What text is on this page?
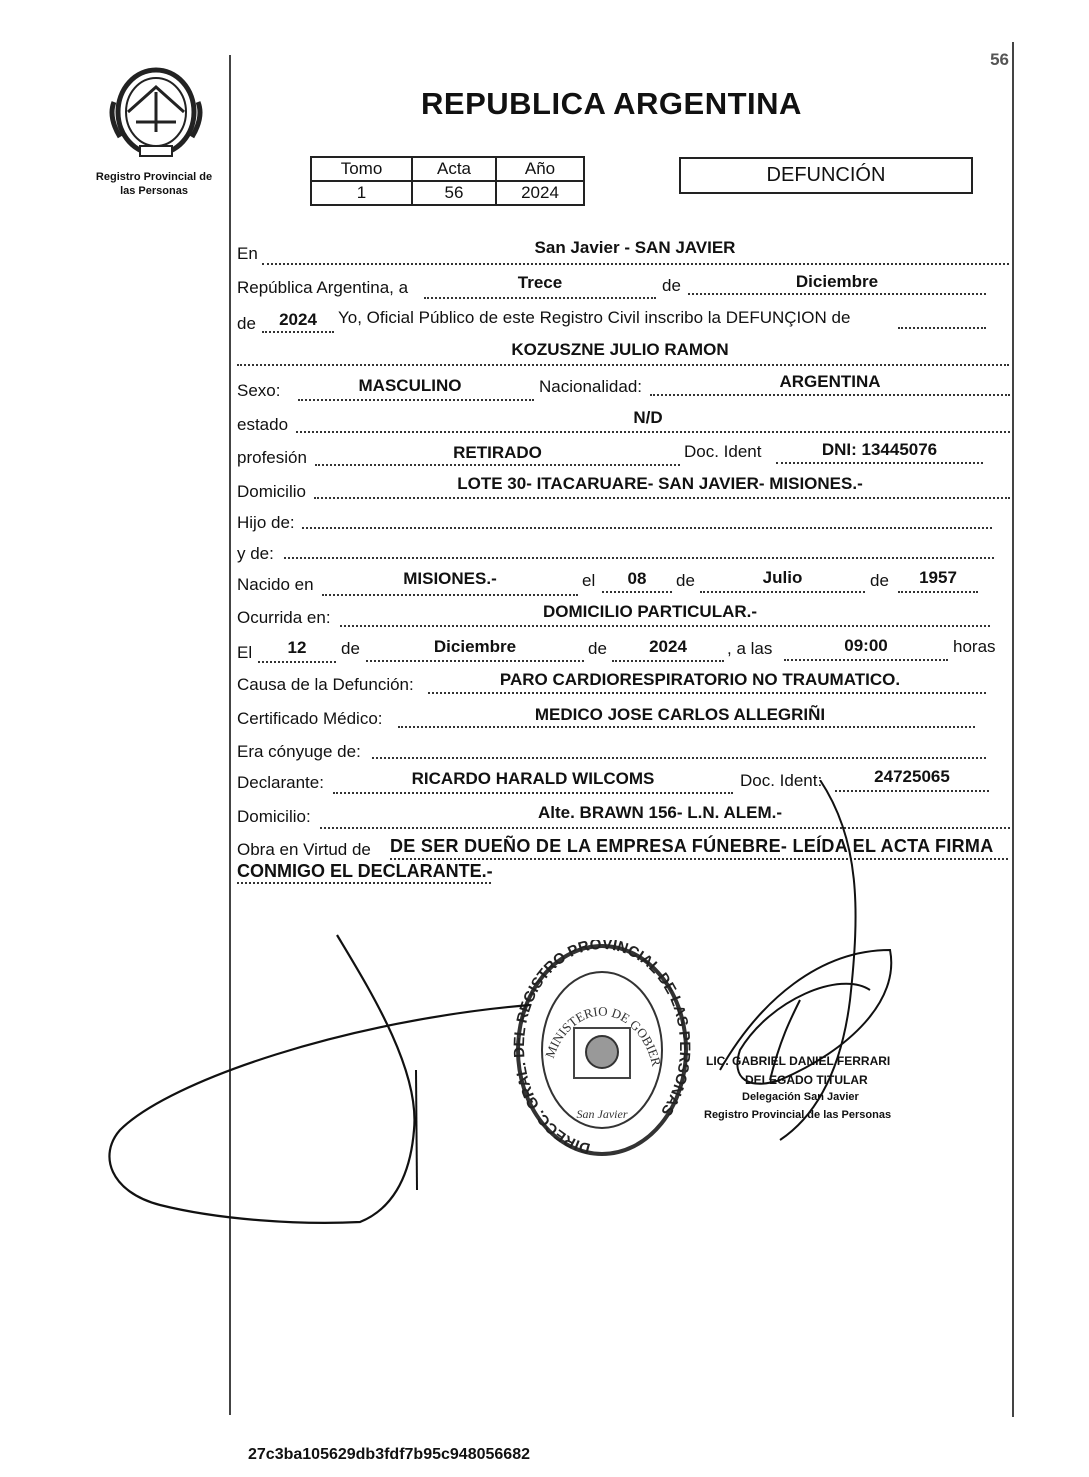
56
Registro Provincial de las Personas
REPUBLICA ARGENTINA
Tomo	Acta	Año
1	56	2024
DEFUNCIÓN
En	San Javier - SAN JAVIER
República Argentina, a	Trece	de	Diciembre
de	2024	Yo, Oficial Público de este Registro Civil inscribo la DEFUNÇION de
KOZUSZNE JULIO RAMON
Sexo:	MASCULINO	Nacionalidad:	ARGENTINA
estado	N/D
profesión	RETIRADO	Doc. Ident	DNI: 13445076
Domicilio	LOTE 30- ITACARUARE- SAN JAVIER- MISIONES.-
Hijo de:
y de:
Nacido en	MISIONES.-	el	08	de	Julio	de	1957
Ocurrida en:	DOMICILIO PARTICULAR.-
El	12	de	Diciembre	de	2024	, a las	09:00	horas
Causa de la Defunción:	PARO CARDIORESPIRATORIO NO TRAUMATICO.
Certificado Médico:	MEDICO JOSE CARLOS ALLEGRIÑI
Era cónyuge de:
Declarante:	RICARDO HARALD WILCOMS	Doc. Ident:	24725065
Domicilio:	Alte. BRAWN 156- L.N. ALEM.-
Obra en Virtud de DE SER DUEÑO DE LA EMPRESA FÚNEBRE- LEÍDA EL ACTA FIRMA
CONMIGO EL DECLARANTE.-
DIRECC. GRAL. DEL REGISTRO PROVINCIAL DE LAS PERSONAS
MINISTERIO DE GOBIER
San Javier
LIC. GABRIEL DANIEL FERRARI
DELEGADO TITULAR
Delegación San Javier
Registro Provincial de las Personas
27c3ba105629db3fdf7b95c948056682
